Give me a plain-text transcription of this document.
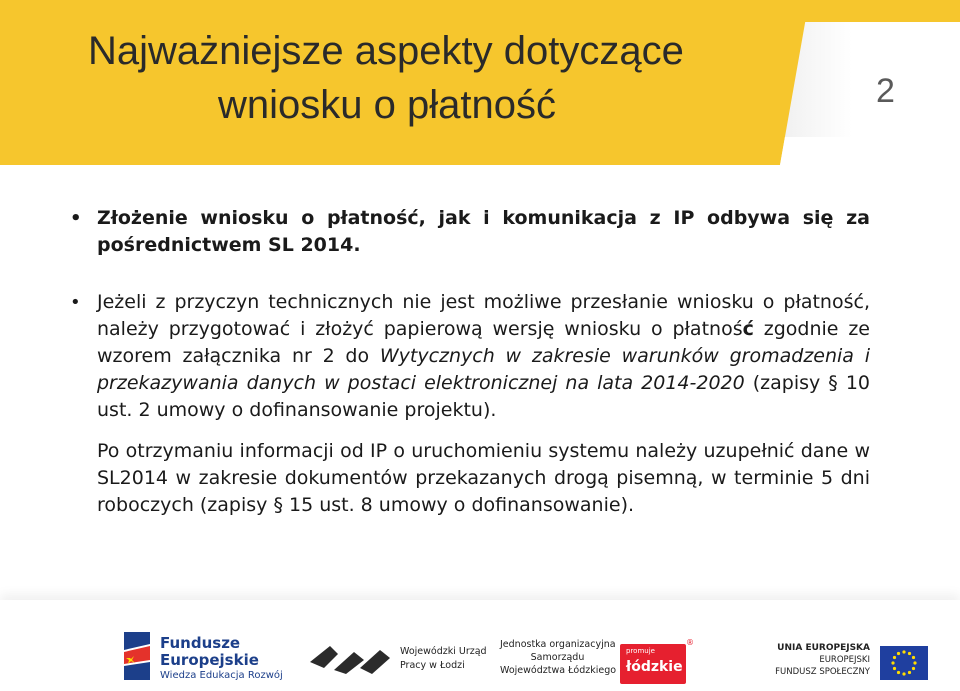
Najważniejsze aspekty dotyczące
wniosku o płatność	2
• Złożenie wniosku o płatność, jak i komunikacja z IP odbywa się za pośrednictwem SL 2014.
• Jeżeli z przyczyn technicznych nie jest możliwe przesłanie wniosku o płatność, należy przygotować i złożyć papierową wersję wniosku o płatność zgodnie ze wzorem załącznika nr 2 do Wytycznych w zakresie warunków gromadzenia i przekazywania danych w postaci elektronicznej na lata 2014-2020 (zapisy § 10 ust. 2 umowy o dofinansowanie projektu).
Po otrzymaniu informacji od IP o uruchomieniu systemu należy uzupełnić dane w SL2014 w zakresie dokumentów przekazanych drogą pisemną, w terminie 5 dni roboczych (zapisy § 15 ust. 8 umowy o dofinansowanie).
Fundusze
Europejskie
Wiedza Edukacja Rozwój
Wojewódzki Urząd
Pracy w Łodzi
Jednostka organizacyjna
Samorządu
Województwa Łódzkiego
promuje
łódzkie
®
UNIA EUROPEJSKA
EUROPEJSKI
FUNDUSZ SPOŁECZNY
